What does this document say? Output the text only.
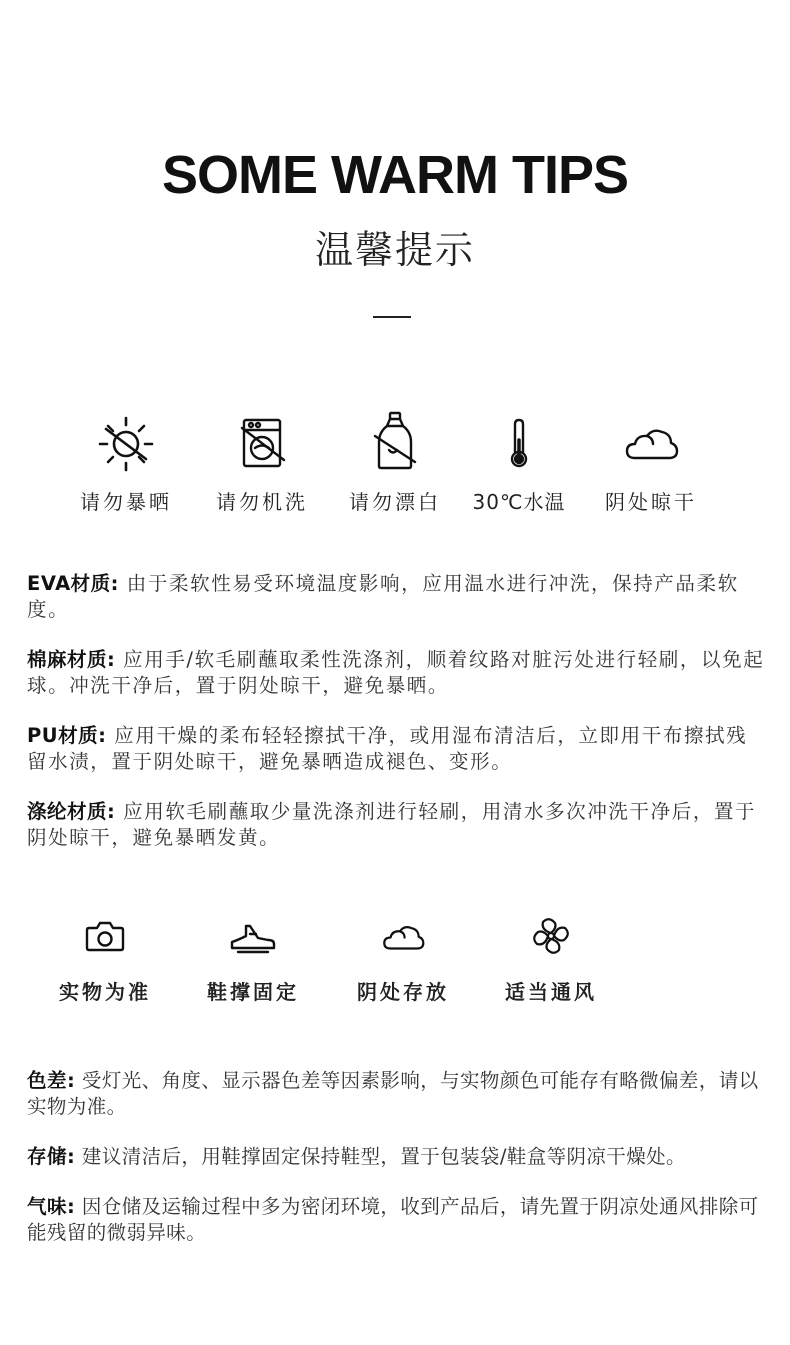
SOME WARM TIPS
温馨提示
请勿暴晒	请勿机洗	请勿漂白	30℃水温	阴处晾干

EVA材质: 由于柔软性易受环境温度影响，应用温水进行冲洗，保持产品柔软度。

棉麻材质: 应用手/软毛刷蘸取柔性洗涤剂，顺着纹路对脏污处进行轻刷，以免起球。冲洗干净后，置于阴处晾干，避免暴晒。

PU材质: 应用干燥的柔布轻轻擦拭干净，或用湿布清洁后，立即用干布擦拭残留水渍，置于阴处晾干，避免暴晒造成褪色、变形。

涤纶材质: 应用软毛刷蘸取少量洗涤剂进行轻刷，用清水多次冲洗干净后，置于阴处晾干，避免暴晒发黄。

实物为准	鞋撑固定	阴处存放	适当通风

色差: 受灯光、角度、显示器色差等因素影响，与实物颜色可能存有略微偏差，请以实物为准。

存储: 建议清洁后，用鞋撑固定保持鞋型，置于包装袋/鞋盒等阴凉干燥处。

气味: 因仓储及运输过程中多为密闭环境，收到产品后，请先置于阴凉处通风排除可能残留的微弱异味。
